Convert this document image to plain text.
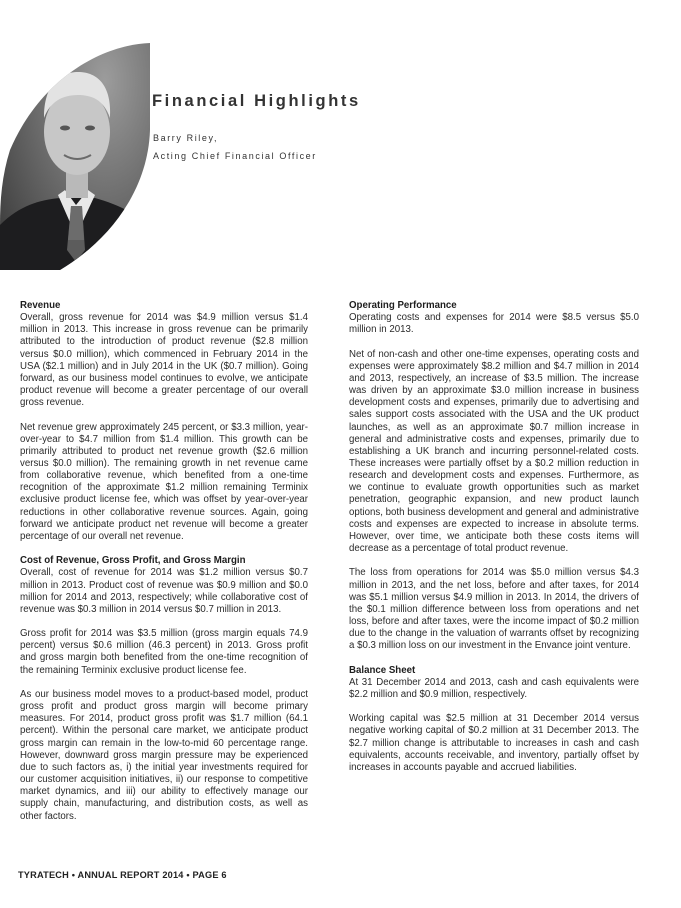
Financial Highlights
Barry Riley,
Acting Chief Financial Officer
Revenue

Overall, gross revenue for 2014 was $4.9 million versus $1.4 million in 2013. This increase in gross revenue can be primarily attributed to the introduction of product revenue ($2.8 million versus $0.0 million), which commenced in February 2014 in the USA ($2.1 million) and in July 2014 in the UK ($0.7 million). Going forward, as our business model continues to evolve, we anticipate product revenue will become a greater percentage of our overall gross revenue.

Net revenue grew approximately 245 percent, or $3.3 million, year-over-year to $4.7 million from $1.4 million. This growth can be primarily attributed to product net revenue growth ($2.6 million versus $0.0 million). The remaining growth in net revenue came from collaborative revenue, which benefited from a one-time recognition of the approximate $1.2 million remaining Terminix exclusive product license fee, which was offset by year-over-year reductions in other collaborative revenue sources. Again, going forward we anticipate product net revenue will become a greater percentage of our overall net revenue.

Cost of Revenue, Gross Profit, and Gross Margin

Overall, cost of revenue for 2014 was $1.2 million versus $0.7 million in 2013. Product cost of revenue was $0.9 million and $0.0 million for 2014 and 2013, respectively; while collaborative cost of revenue was $0.3 million in 2014 versus $0.7 million in 2013.

Gross profit for 2014 was $3.5 million (gross margin equals 74.9 percent) versus $0.6 million (46.3 percent) in 2013. Gross profit and gross margin both benefited from the one-time recognition of the remaining Terminix exclusive product license fee.

As our business model moves to a product-based model, product gross profit and product gross margin will become primary measures. For 2014, product gross profit was $1.7 million (64.1 percent). Within the personal care market, we anticipate product gross margin can remain in the low-to-mid 60 percentage range. However, downward gross margin pressure may be experienced due to such factors as, i) the initial year investments required for our customer acquisition initiatives, ii) our response to competitive market dynamics, and iii) our ability to effectively manage our supply chain, manufacturing, and distribution costs, as well as other factors.

Operating Performance

Operating costs and expenses for 2014 were $8.5 versus $5.0 million in 2013.

Net of non-cash and other one-time expenses, operating costs and expenses were approximately $8.2 million and $4.7 million in 2014 and 2013, respectively, an increase of $3.5 million. The increase was driven by an approximate $3.0 million increase in business development costs and expenses, primarily due to advertising and sales support costs associated with the USA and the UK product launches, as well as an approximate $0.7 million increase in general and administrative costs and expenses, primarily due to establishing a UK branch and incurring personnel-related costs. These increases were partially offset by a $0.2 million reduction in research and development costs and expenses. Furthermore, as we continue to evaluate growth opportunities such as market penetration, geographic expansion, and new product launch options, both business development and general and administrative costs and expenses are expected to increase in absolute terms. However, over time, we anticipate both these costs items will decrease as a percentage of total product revenue.

The loss from operations for 2014 was $5.0 million versus $4.3 million in 2013, and the net loss, before and after taxes, for 2014 was $5.1 million versus $4.9 million in 2013. In 2014, the drivers of the $0.1 million difference between loss from operations and net loss, before and after taxes, were the income impact of $0.2 million due to the change in the valuation of warrants offset by recognizing a $0.3 million loss on our investment in the Envance joint venture.

Balance Sheet

At 31 December 2014 and 2013, cash and cash equivalents were $2.2 million and $0.9 million, respectively.

Working capital was $2.5 million at 31 December 2014 versus negative working capital of $0.2 million at 31 December 2013. The $2.7 million change is attributable to increases in cash and cash equivalents, accounts receivable, and inventory, partially offset by increases in accounts payable and accrued liabilities.

TYRATECH • ANNUAL REPORT 2014 • PAGE 6
